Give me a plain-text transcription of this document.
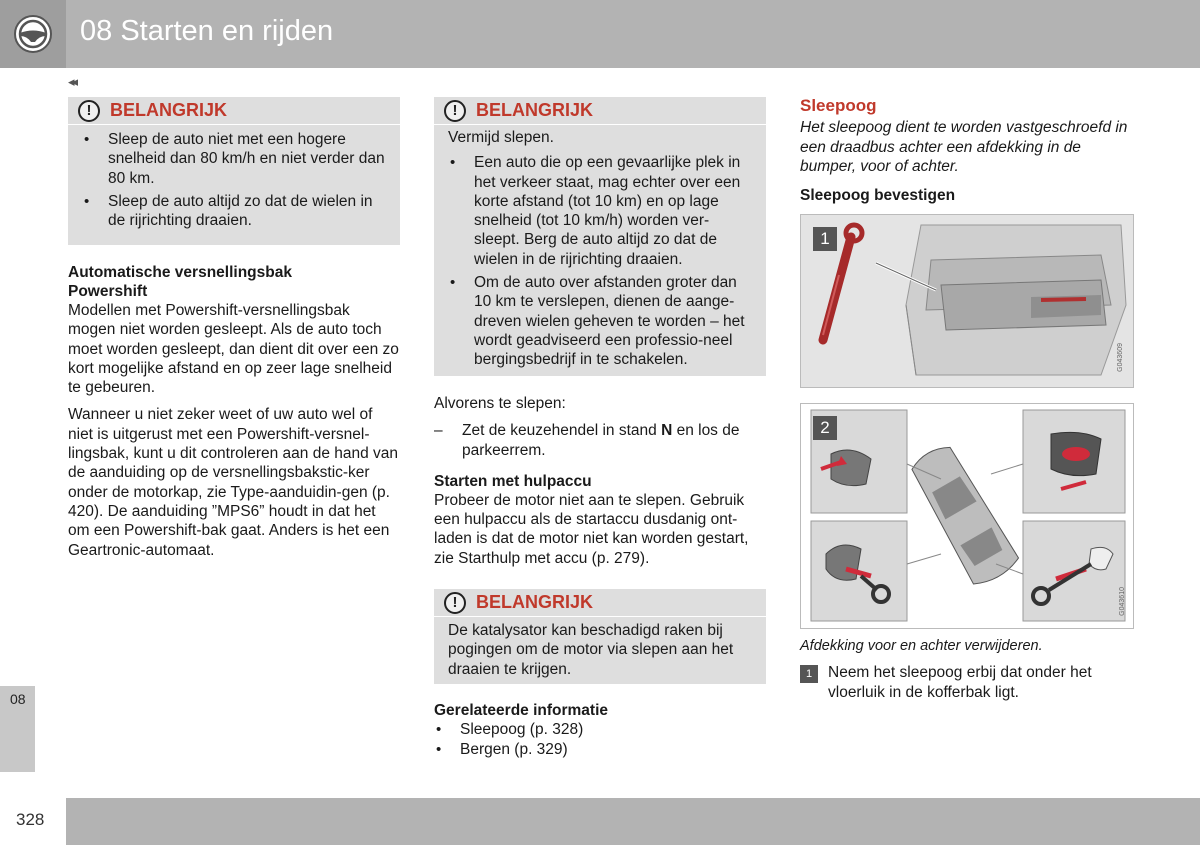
08 Starten en rijden
◂◂
!	BELANGRIJK
• Sleep de auto niet met een hogere snelheid dan 80 km/h en niet verder dan 80 km.
• Sleep de auto altijd zo dat de wielen in de rijrichting draaien.
Automatische versnellingsbak
Powershift

Modellen met Powershift-versnellingsbak mogen niet worden gesleept. Als de auto toch moet worden gesleept, dan dient dit over een zo kort mogelijke afstand en op zeer lage snelheid te gebeuren.

Wanneer u niet zeker weet of uw auto wel of niet is uitgerust met een Powershift-versnel-lingsbak, kunt u dit controleren aan de hand van de aanduiding op de versnellingsbakstic-ker onder de motorkap, zie Type-aanduidin-gen (p. 420). De aanduiding ”MPS6” houdt in dat het om een Powershift-bak gaat. Anders is het een Geartronic-automaat.

!	BELANGRIJK
Vermijd slepen.
• Een auto die op een gevaarlijke plek in het verkeer staat, mag echter over een korte afstand (tot 10 km) en op lage snelheid (tot 10 km/h) worden ver-sleept. Berg de auto altijd zo dat de wielen in de rijrichting draaien.
• Om de auto over afstanden groter dan 10 km te verslepen, dienen de aange-dreven wielen geheven te worden – het wordt geadviseerd een professio-neel bergingsbedrijf in te schakelen.

Alvorens te slepen:

– Zet de keuzehendel in stand N en los de parkeerrem.
Starten met hulpaccu

Probeer de motor niet aan te slepen. Gebruik een hulpaccu als de startaccu dusdanig ont-laden is dat de motor niet kan worden gestart, zie Starthulp met accu (p. 279).

!	BELANGRIJK
De katalysator kan beschadigd raken bij pogingen om de motor via slepen aan het draaien te krijgen.
Gerelateerde informatie
• Sleepoog (p. 328)
• Bergen (p. 329)
Sleepoog

Het sleepoog dient te worden vastgeschroefd in een draadbus achter een afdekking in de bumper, voor of achter.

Sleepoog bevestigen
1
G043609
2
G043610

Afdekking voor en achter verwijderen.

1	Neem het sleepoog erbij dat onder het vloerluik in de kofferbak ligt.
08
328
